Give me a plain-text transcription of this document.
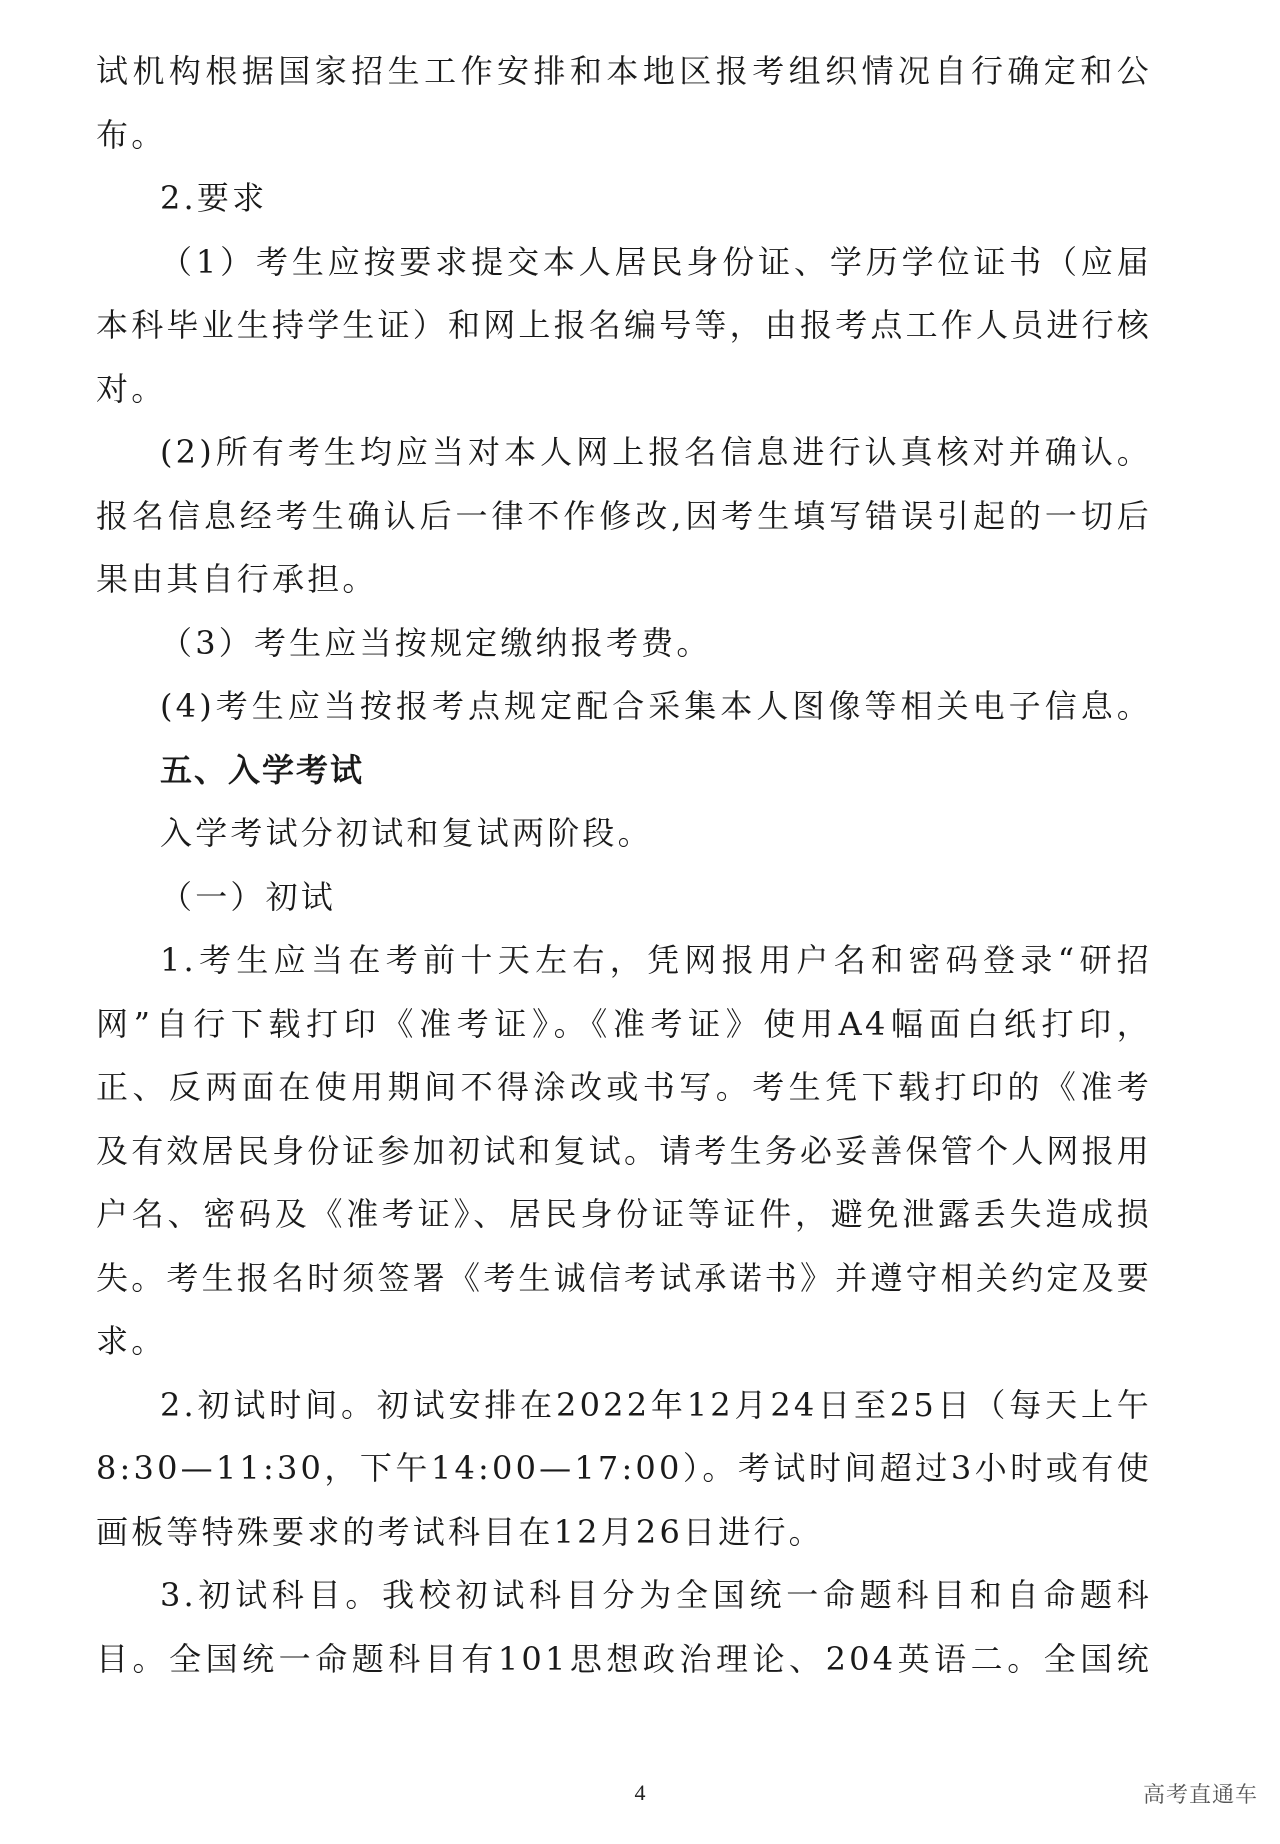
试机构根据国家招生工作安排和本地区报考组织情况自行确定和公
布。
2.要求
（1）考生应按要求提交本人居民身份证、学历学位证书（应届
本科毕业生持学生证）和网上报名编号等，由报考点工作人员进行核
对。
(2)所有考生均应当对本人网上报名信息进行认真核对并确认。
报名信息经考生确认后一律不作修改,因考生填写错误引起的一切后
果由其自行承担。
（3）考生应当按规定缴纳报考费。
(4)考生应当按报考点规定配合采集本人图像等相关电子信息。
五、入学考试
入学考试分初试和复试两阶段。
（一）初试
1.考生应当在考前十天左右，凭网报用户名和密码登录“研招
网”自行下载打印《准考证》。《准考证》使用A4幅面白纸打印，
正、反两面在使用期间不得涂改或书写。考生凭下载打印的《准考
及有效居民身份证参加初试和复试。请考生务必妥善保管个人网报用
户名、密码及《准考证》、居民身份证等证件，避免泄露丢失造成损
失。考生报名时须签署《考生诚信考试承诺书》并遵守相关约定及要
求。
2.初试时间。初试安排在2022年12月24日至25日（每天上午
8:30—11:30，下午14:00—17:00）。考试时间超过3小时或有使
画板等特殊要求的考试科目在12月26日进行。
3.初试科目。我校初试科目分为全国统一命题科目和自命题科
目。全国统一命题科目有101思想政治理论、204英语二。全国统
4	高考直通车
